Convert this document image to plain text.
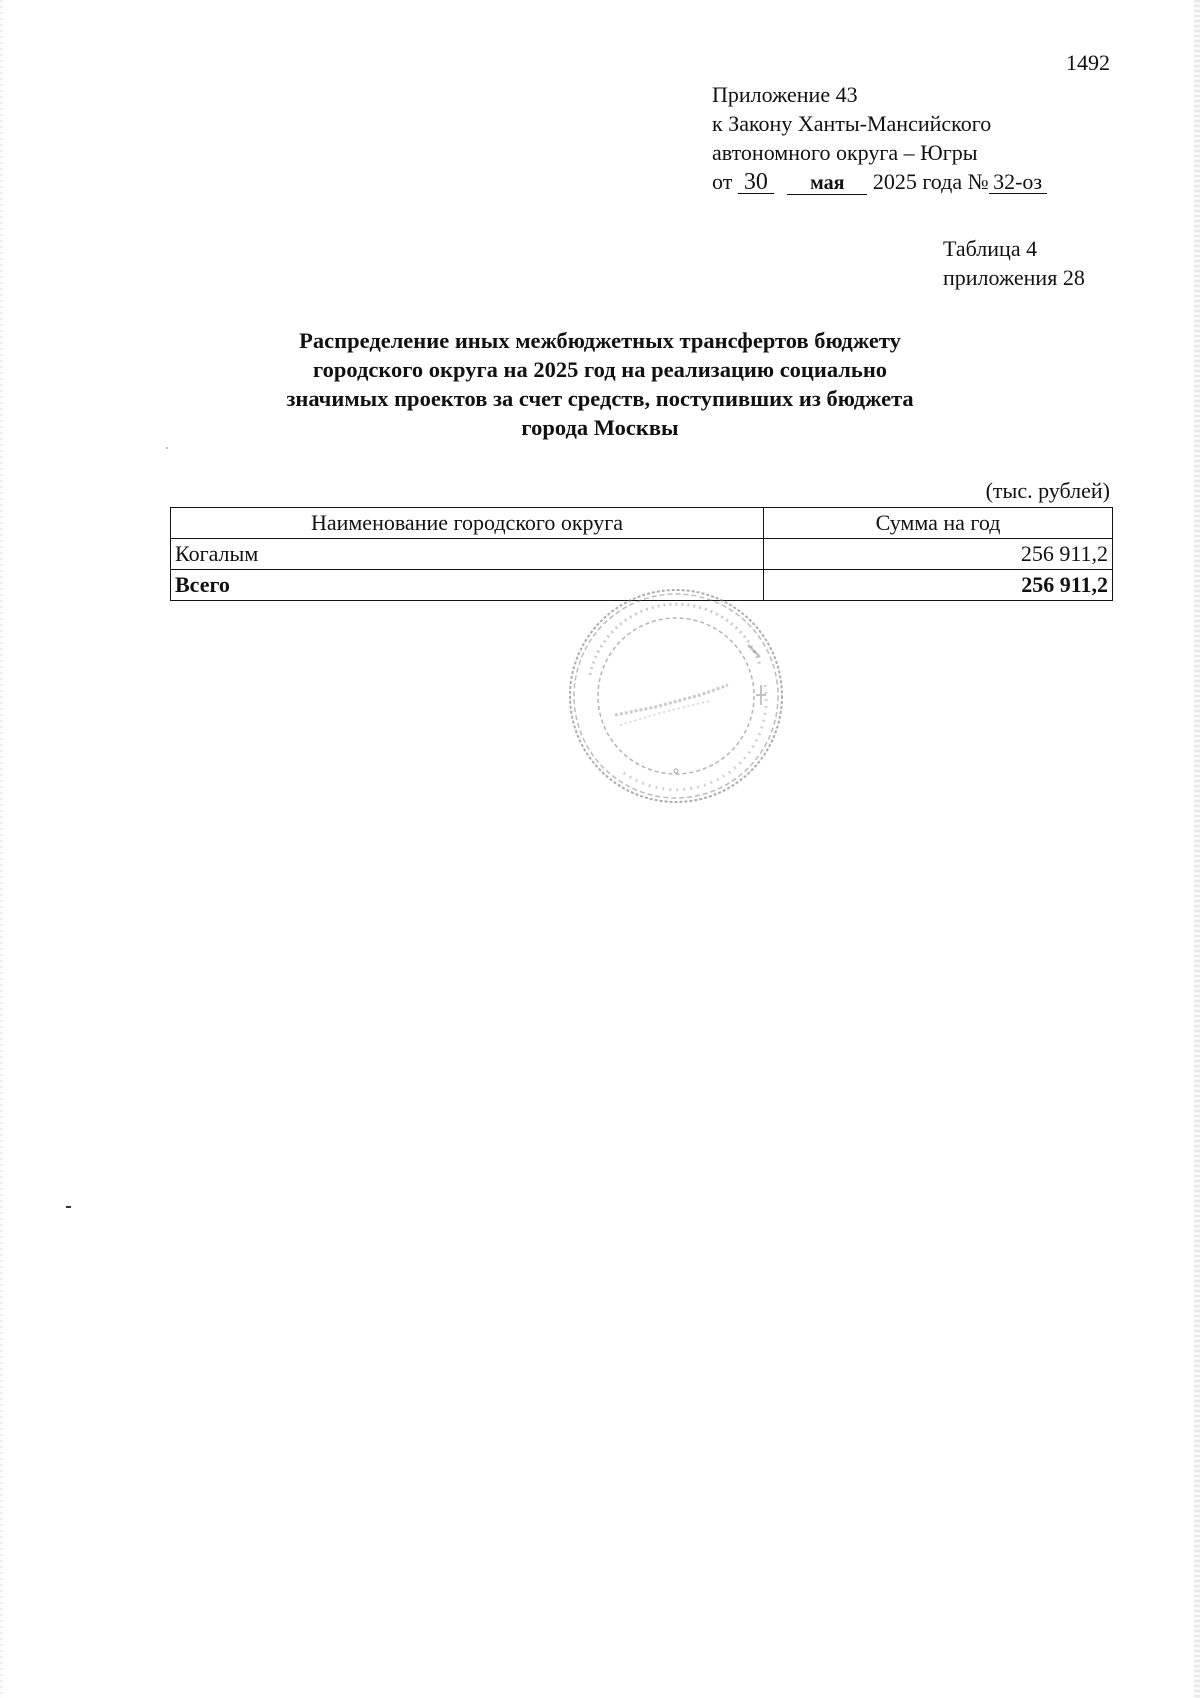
1492
Приложение 43
к Закону Ханты-Мансийского
автономного округа – Югры
от 30 мая 2025 года № 32-оз
Таблица 4
приложения 28
Распределение иных межбюджетных трансфертов бюджету
городского округа на 2025 год на реализацию социально
значимых проектов за счет средств, поступивших из бюджета
города Москвы
(тыс. рублей)
Наименование городского округа	Сумма на год
Когалым	256 911,2
Всего	256 911,2
